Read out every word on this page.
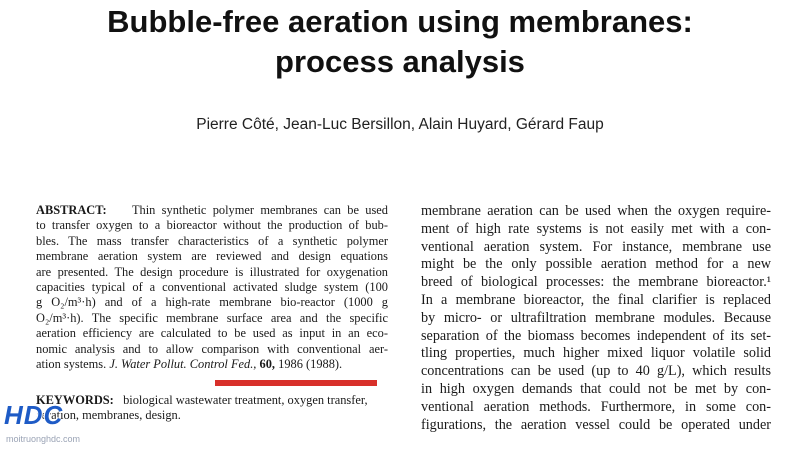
Bubble-free aeration using membranes:
process analysis
Pierre Côté, Jean-Luc Bersillon, Alain Huyard, Gérard Faup
ABSTRACT: Thin synthetic polymer membranes can be used
to transfer oxygen to a bioreactor without the production of bub-
bles. The mass transfer characteristics of a synthetic polymer
membrane aeration system are reviewed and design equations
are presented. The design procedure is illustrated for oxygenation
capacities typical of a conventional activated sludge system (100
g O₂/m³·h) and of a high-rate membrane bio-reactor (1000 g
O₂/m³·h). The specific membrane surface area and the specific
aeration efficiency are calculated to be used as input in an eco-
nomic analysis and to allow comparison with conventional aer-
ation systems. J. Water Pollut. Control Fed., 60, 1986 (1988).
KEYWORDS: biological wastewater treatment, oxygen transfer,
aeration, membranes, design.
membrane aeration can be used when the oxygen require-
ment of high rate systems is not easily met with a con-
ventional aeration system. For instance, membrane use
might be the only possible aeration method for a new
breed of biological processes: the membrane bioreactor.¹
In a membrane bioreactor, the final clarifier is replaced
by micro- or ultrafiltration membrane modules. Because
separation of the biomass becomes independent of its set-
tling properties, much higher mixed liquor volatile solid
concentrations can be used (up to 40 g/L), which results
in high oxygen demands that could not be met by con-
ventional aeration methods. Furthermore, in some con-
figurations, the aeration vessel could be operated under
HDC
moitruonghdc.com
